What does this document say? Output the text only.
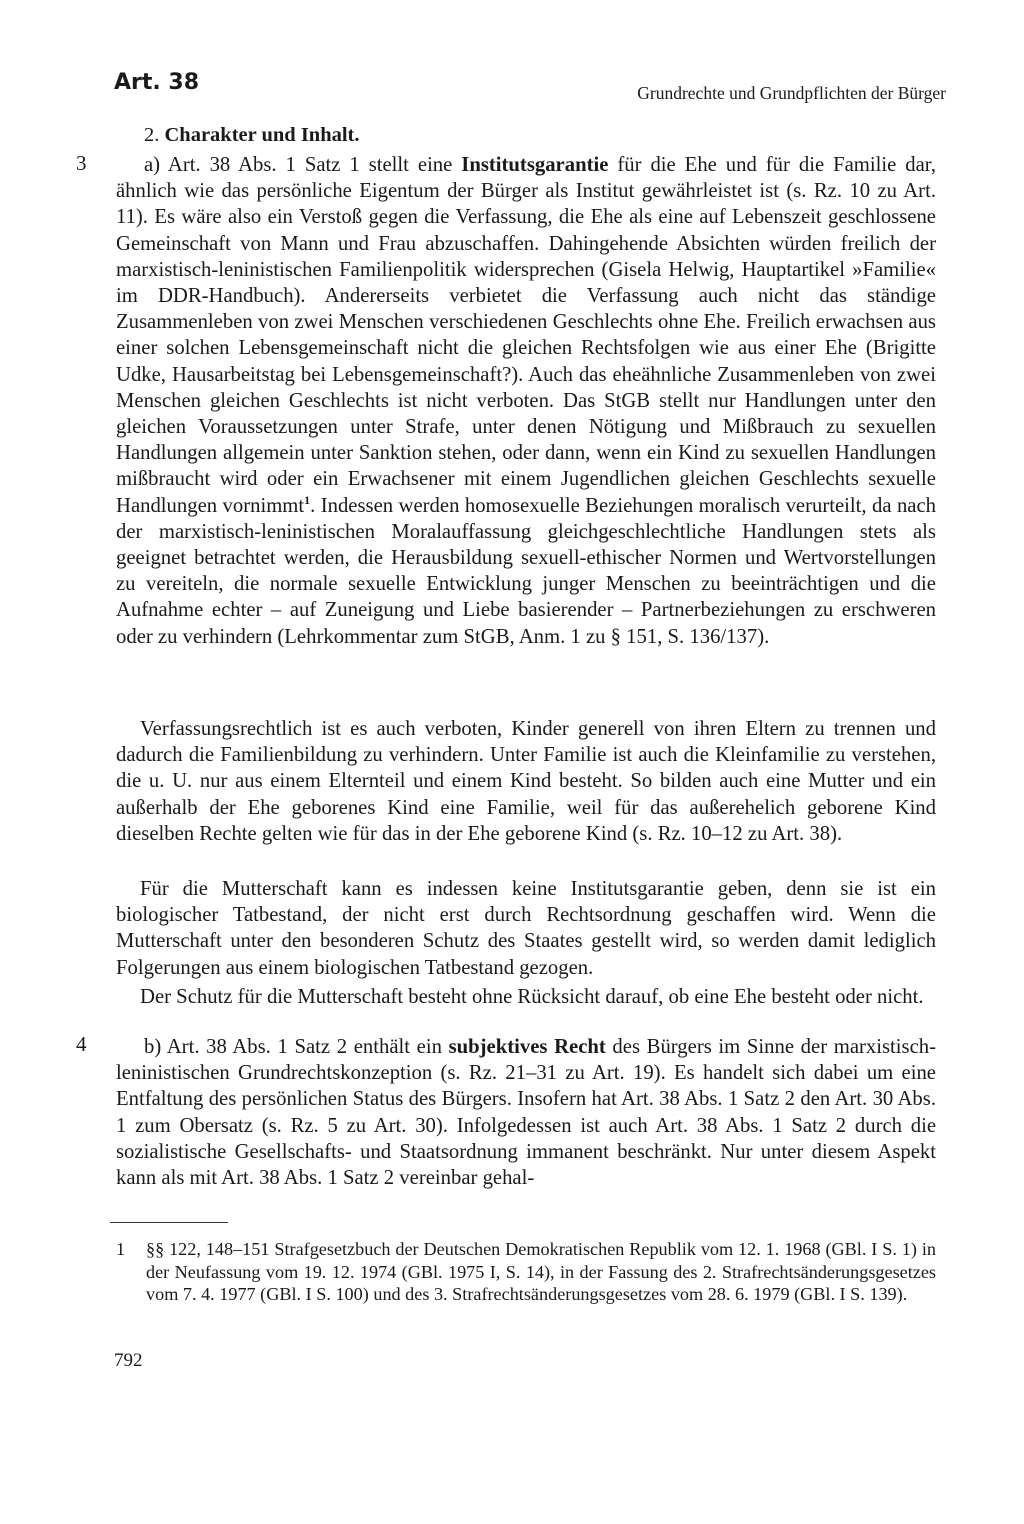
Art. 38	Grundrechte und Grundpflichten der Bürger
2. Charakter und Inhalt.
3
4

a) Art. 38 Abs. 1 Satz 1 stellt eine Institutsgarantie für die Ehe und für die Familie dar, ähnlich wie das persönliche Eigentum der Bürger als Institut gewährleistet ist (s. Rz. 10 zu Art. 11). Es wäre also ein Verstoß gegen die Verfassung, die Ehe als eine auf Lebenszeit geschlossene Gemeinschaft von Mann und Frau abzuschaffen. Dahingehende Absichten würden freilich der marxistisch-leninistischen Familienpolitik widersprechen (Gisela Helwig, Hauptartikel »Familie« im DDR-Handbuch). Andererseits verbietet die Verfassung auch nicht das ständige Zusammenleben von zwei Menschen verschiedenen Geschlechts ohne Ehe. Freilich erwachsen aus einer solchen Lebensgemeinschaft nicht die gleichen Rechtsfolgen wie aus einer Ehe (Brigitte Udke, Hausarbeitstag bei Lebensgemeinschaft?). Auch das eheähnliche Zusammenleben von zwei Menschen gleichen Geschlechts ist nicht verboten. Das StGB stellt nur Handlungen unter den gleichen Voraussetzungen unter Strafe, unter denen Nötigung und Mißbrauch zu sexuellen Handlungen allgemein unter Sanktion stehen, oder dann, wenn ein Kind zu sexuellen Handlungen mißbraucht wird oder ein Erwachsener mit einem Jugendlichen gleichen Geschlechts sexuelle Handlungen vornimmt$^1$. Indessen werden homosexuelle Beziehungen moralisch verurteilt, da nach der marxistisch-leninistischen Moralauffassung gleichgeschlechtliche Handlungen stets als geeignet betrachtet werden, die Herausbildung sexuell-ethischer Normen und Wertvorstellungen zu vereiteln, die normale sexuelle Entwicklung junger Menschen zu beeinträchtigen und die Aufnahme echter – auf Zuneigung und Liebe basierender – Partnerbeziehungen zu erschweren oder zu verhindern (Lehrkommentar zum StGB, Anm. 1 zu § 151, S. 136/137).

Verfassungsrechtlich ist es auch verboten, Kinder generell von ihren Eltern zu trennen und dadurch die Familienbildung zu verhindern. Unter Familie ist auch die Kleinfamilie zu verstehen, die u. U. nur aus einem Elternteil und einem Kind besteht. So bilden auch eine Mutter und ein außerhalb der Ehe geborenes Kind eine Familie, weil für das außerehelich geborene Kind dieselben Rechte gelten wie für das in der Ehe geborene Kind (s. Rz. 10–12 zu Art. 38).

Für die Mutterschaft kann es indessen keine Institutsgarantie geben, denn sie ist ein biologischer Tatbestand, der nicht erst durch Rechtsordnung geschaffen wird. Wenn die Mutterschaft unter den besonderen Schutz des Staates gestellt wird, so werden damit lediglich Folgerungen aus einem biologischen Tatbestand gezogen.

Der Schutz für die Mutterschaft besteht ohne Rücksicht darauf, ob eine Ehe besteht oder nicht.

b) Art. 38 Abs. 1 Satz 2 enthält ein subjektives Recht des Bürgers im Sinne der marxistisch-leninistischen Grundrechtskonzeption (s. Rz. 21–31 zu Art. 19). Es handelt sich dabei um eine Entfaltung des persönlichen Status des Bürgers. Insofern hat Art. 38 Abs. 1 Satz 2 den Art. 30 Abs. 1 zum Obersatz (s. Rz. 5 zu Art. 30). Infolgedessen ist auch Art. 38 Abs. 1 Satz 2 durch die sozialistische Gesellschafts- und Staatsordnung immanent beschränkt. Nur unter diesem Aspekt kann als mit Art. 38 Abs. 1 Satz 2 vereinbar gehal-

1 §§ 122, 148–151 Strafgesetzbuch der Deutschen Demokratischen Republik vom 12. 1. 1968 (GBl. I S. 1) in der Neufassung vom 19. 12. 1974 (GBl. 1975 I, S. 14), in der Fassung des 2. Strafrechtsänderungsgesetzes vom 7. 4. 1977 (GBl. I S. 100) und des 3. Strafrechtsänderungsgesetzes vom 28. 6. 1979 (GBl. I S. 139).
792
